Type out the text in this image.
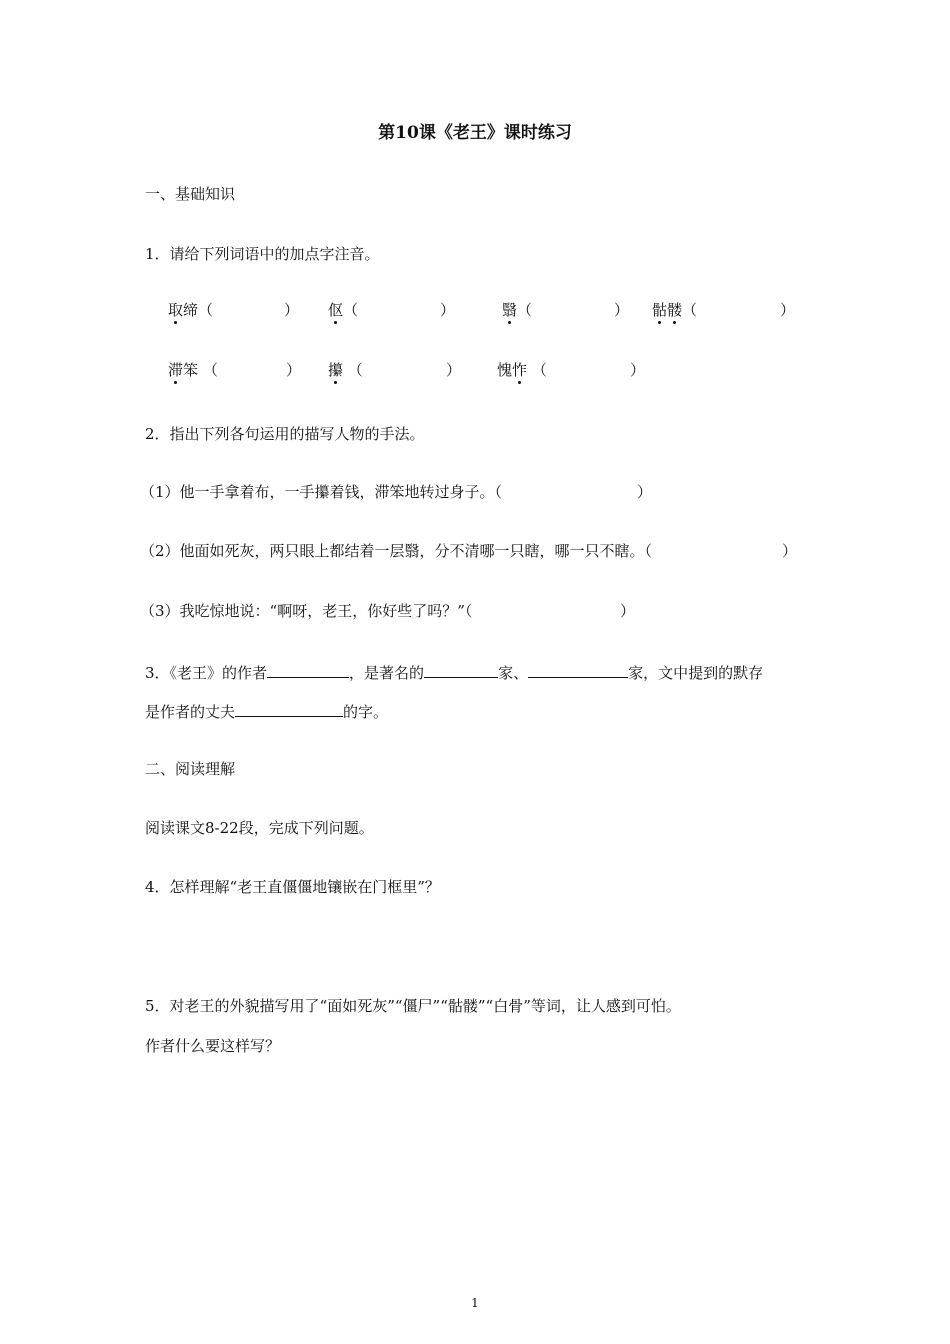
第10课《老王》课时练习
一、基础知识
1．请给下列词语中的加点字注音。
取缔（	） 伛（	）	翳（	） 骷髅（	）
滞笨 （	） 攥 （	） 愧怍 （	）
2．指出下列各句运用的描写人物的手法。
（1）他一手拿着布，一手攥着钱，滞笨地转过身子。（	）
（2）他面如死灰，两只眼上都结着一层翳，分不清哪一只瞎，哪一只不瞎。（	）
（3）我吃惊地说：“啊呀，老王，你好些了吗？”（	）
3．《老王》的作者	，是著名的	家、	家，文中提到的默存
是作者的丈夫	的字。
二、阅读理解
阅读课文8-22段，完成下列问题。
4．怎样理解“老王直僵僵地镶嵌在门框里”？
5．对老王的外貌描写用了“面如死灰”“僵尸”“骷髅”“白骨”等词，让人感到可怕。
作者什么要这样写？
1
